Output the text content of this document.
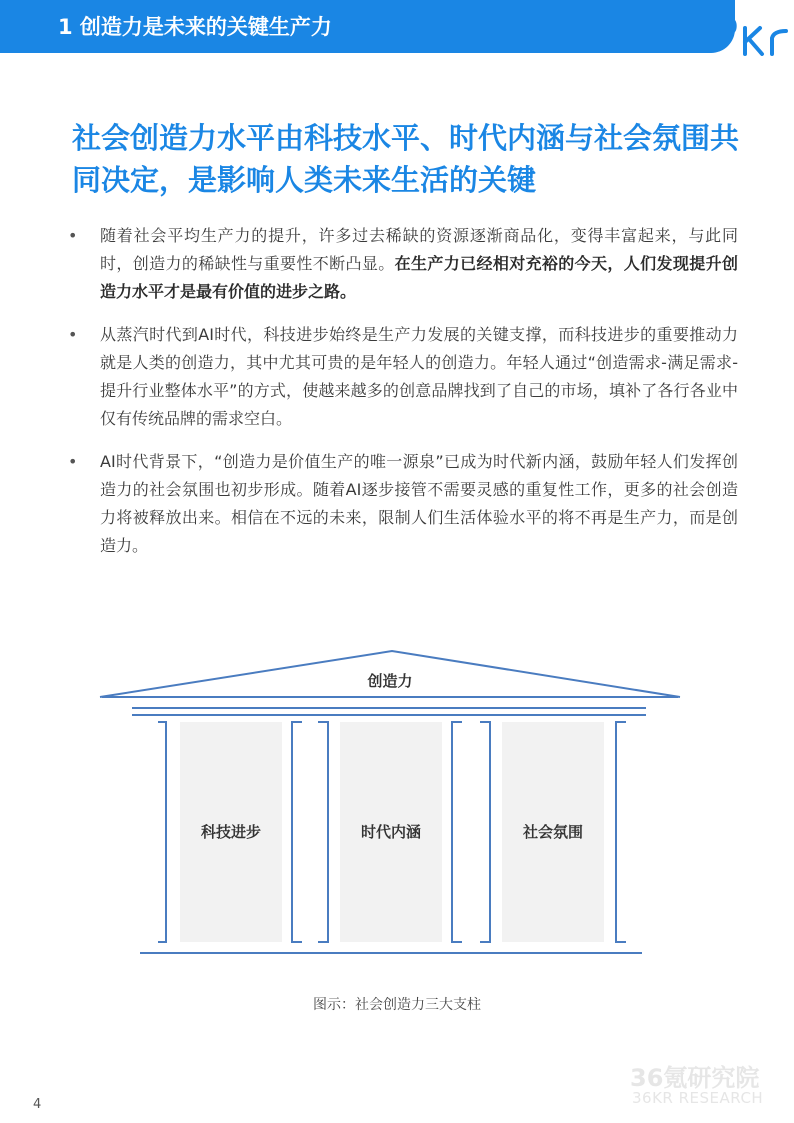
1 创造力是未来的关键生产力
社会创造力水平由科技水平、时代内涵与社会氛围共同决定，是影响人类未来生活的关键

• 随着社会平均生产力的提升，许多过去稀缺的资源逐渐商品化，变得丰富起来，与此同时，创造力的稀缺性与重要性不断凸显。在生产力已经相对充裕的今天，人们发现提升创造力水平才是最有价值的进步之路。

• 从蒸汽时代到AI时代，科技进步始终是生产力发展的关键支撑，而科技进步的重要推动力就是人类的创造力，其中尤其可贵的是年轻人的创造力。年轻人通过“创造需求-满足需求-提升行业整体水平”的方式，使越来越多的创意品牌找到了自己的市场，填补了各行各业中仅有传统品牌的需求空白。

• AI时代背景下，“创造力是价值生产的唯一源泉”已成为时代新内涵，鼓励年轻人们发挥创造力的社会氛围也初步形成。随着AI逐步接管不需要灵感的重复性工作，更多的社会创造力将被释放出来。相信在不远的未来，限制人们生活体验水平的将不再是生产力，而是创造力。

创造力
科技进步	时代内涵	社会氛围
图示：社会创造力三大支柱
36氪研究院
36KR RESEARCH
4
